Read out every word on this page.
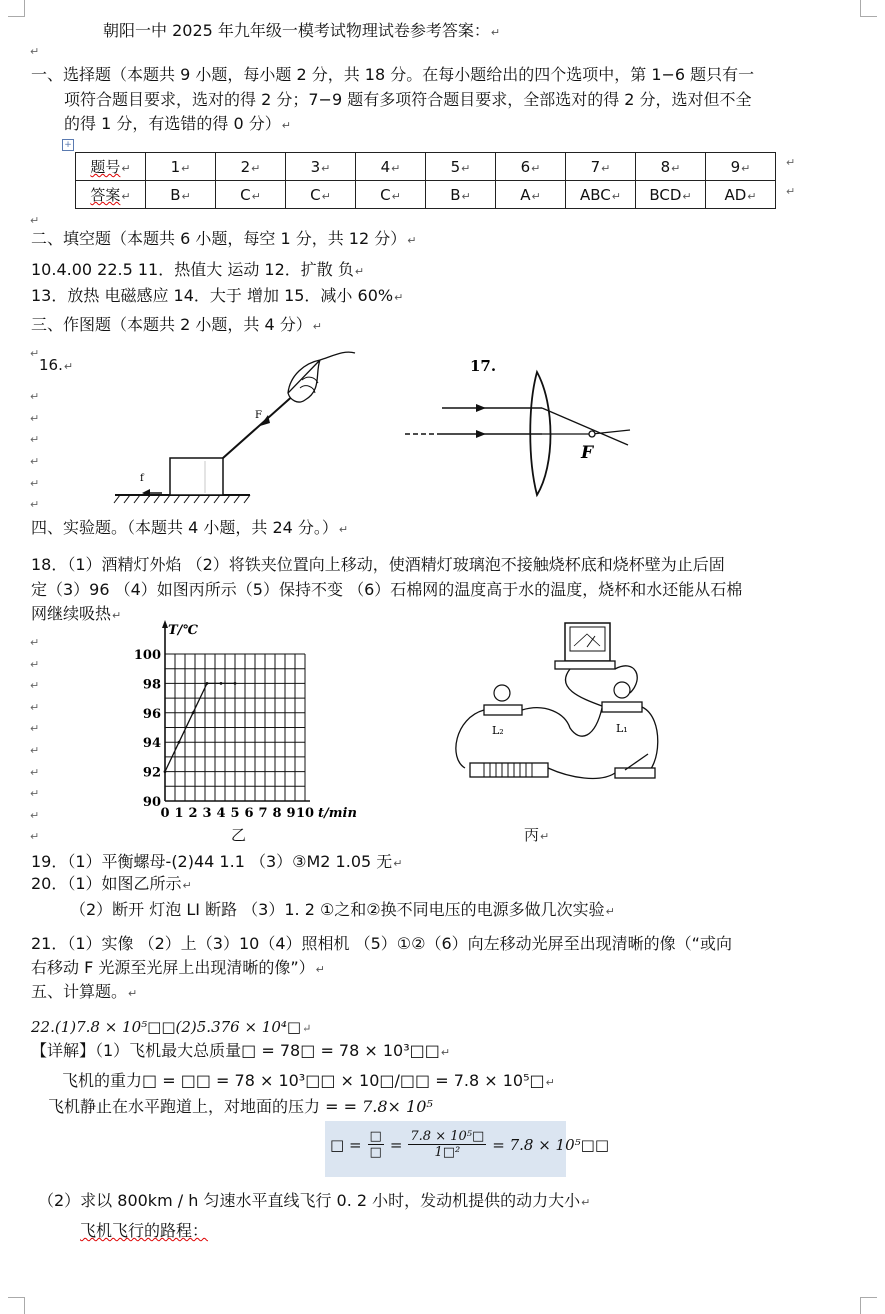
朝阳一中 2025 年九年级一模考试物理试卷参考答案：↵
↵
一、选择题（本题共 9 小题，每小题 2 分，共 18 分。在每小题给出的四个选项中，第 1−6 题只有一
项符合题目要求，选对的得 2 分；7−9 题有多项符合题目要求，全部选对的得 2 分，选对但不全
的得 1 分，有选错的得 0 分）↵
+
题号↵	1↵	2↵	3↵	4↵	5↵	6↵	7↵	8↵	9↵
答案↵	B↵	C↵	C↵	C↵	B↵	A↵	ABC↵	BCD↵	AD↵
↵
↵
↵
二、填空题（本题共 6 小题，每空 1 分，共 12 分）↵
10.4.00 22.5 11．热值大 运动 12．扩散 负↵
13．放热 电磁感应 14．大于 增加 15．减小 60%↵
三、作图题（本题共 2 小题，共 4 分）↵
↵

↵
↵
↵
↵
↵
↵
16.↵
F
f
17.
F
四、实验题。（本题共 4 小题，共 24 分。）↵
18．（1）酒精灯外焰 （2）将铁夹位置向上移动，使酒精灯玻璃泡不接触烧杯底和烧杯壁为止后固
定（3）96 （4）如图丙所示（5）保持不变 （6）石棉网的温度高于水的温度，烧杯和水还能从石棉
网继续吸热↵
↵
↵
↵
↵
↵
↵
↵
↵
↵
↵
90
92
94
96
98
100
0 1 2 3 4 5 6 7 8 9 10
T/℃
t/min
乙
L₂	L₁
丙↵
19．（1）平衡螺母-(2)44 1.1 （3）③M2 1.05 无↵
20．（1）如图乙所示↵
（2）断开 灯泡 LI 断路 （3）1. 2 ①之和②换不同电压的电源多做几次实验↵
21．（1）实像 （2）上（3）10（4）照相机 （5）①②（6）向左移动光屏至出现清晰的像（“或向
右移动 F 光源至光屏上出现清晰的像”）↵
五、计算题。↵
22.(1)7.8 × 10⁵□□(2)5.376 × 10⁴□↵
【详解】（1）飞机最大总质量□ = 78□ = 78 × 10³□□↵
飞机的重力□ = □□ = 78 × 10³□□ × 10□/□□ = 7.8 × 10⁵□↵
飞机静止在水平跑道上，对地面的压力 = = 7.8× 10⁵
□ = □
□ = $\frac{\text{7.8 × 10⁵□}}{\text{1□²}} = 7.8$ × 10⁵□□
（2）求以 800km / h 匀速水平直线飞行 0. 2 小时，发动机提供的动力大小↵
飞机飞行的路程：
